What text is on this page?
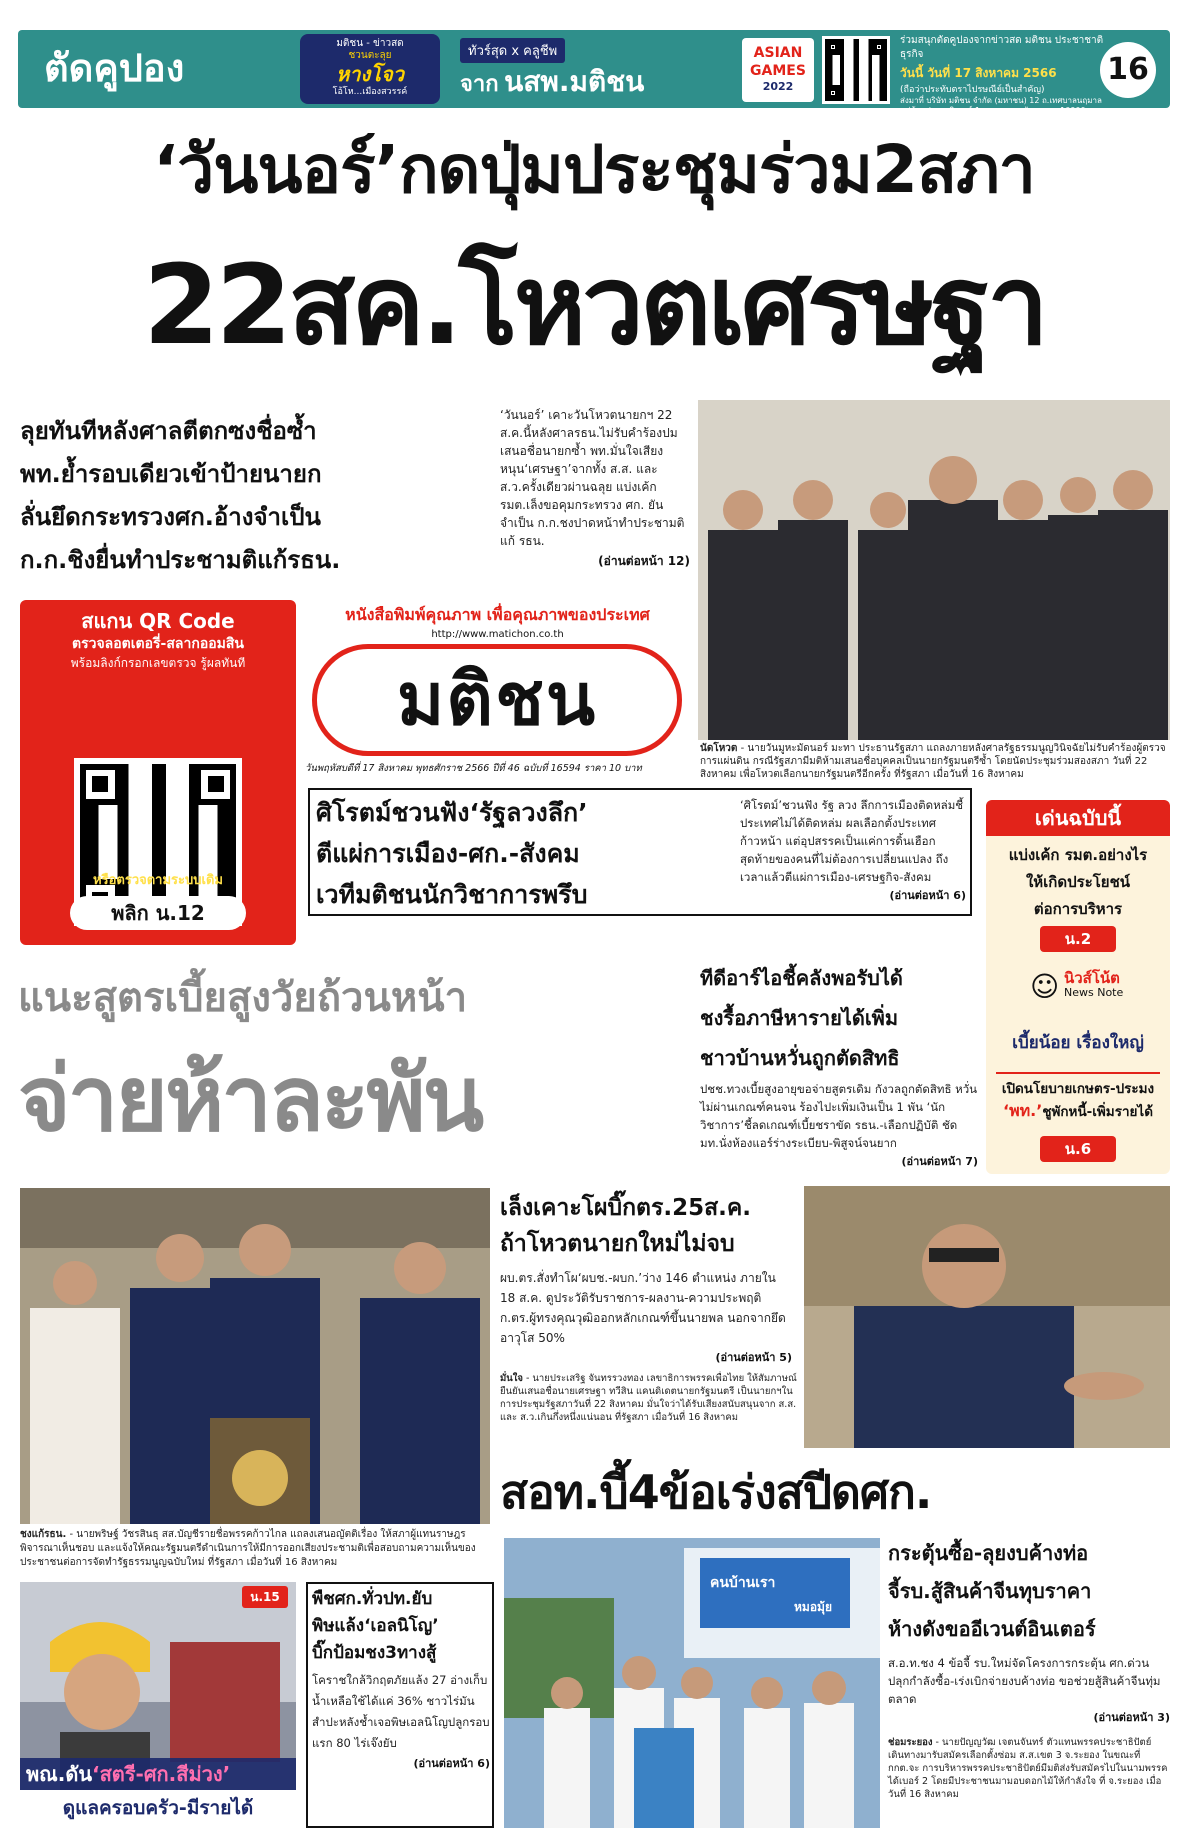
ตัดคูปอง
มติชน - ข่าวสด
ชวนตะลุย
หางโจว
โอ้โห...เมืองสวรรค์
ทัวร์สุด x คลูชีพ
จาก นสพ.มติชน
ASIAN
GAMES
2022
ร่วมสนุกตัดคูปองจากข่าวสด มติชน ประชาชาติธุรกิจ
วันนี้ วันที่ 17 สิงหาคม 2566
(ถือว่าประทับตราไปรษณีย์เป็นสำคัญ)
ส่งมาที่ บริษัท มติชน จำกัด (มหาชน) 12 ถ.เทศบาลนฤมาล หมู่บ้านประชานิเวศน์ 1 ลาดยาว จตุจักร กทม. 10900
16
‘วันนอร์’กดปุ่มประชุมร่วม2สภา
22สค.โหวตเศรษฐา
ลุยทันทีหลังศาลตีตกซงชื่อซ้ำ
พท.ย้ำรอบเดียวเข้าป้ายนายก
ลั่นยึดกระทรวงศก.อ้างจำเป็น
ก.ก.ชิงยื่นทำประชามติแก้รธน.
‘วันนอร์’ เคาะวันโหวตนายกฯ 22 ส.ค.นี้หลังศาลรธน.ไม่รับคำร้องปมเสนอชื่อนายกซ้ำ พท.มั่นใจเสียงหนุน‘เศรษฐา’จากทั้ง ส.ส. และ ส.ว.ครั้งเดียวผ่านฉลุย แบ่งเค้ก รมต.เล็งขอคุมกระทรวง ศก. ยันจำเป็น ก.ก.ชงปาดหน้าทำประชามติแก้ รธน.
(อ่านต่อหน้า 12)
นัดโหวต - นายวันมูหะมัดนอร์ มะทา ประธานรัฐสภา แถลงภายหลังศาลรัฐธรรมนูญวินิจฉัยไม่รับคำร้องผู้ตรวจการแผ่นดิน กรณีรัฐสภามีมติห้ามเสนอชื่อบุคคลเป็นนายกรัฐมนตรีซ้ำ โดยนัดประชุมร่วมสองสภา วันที่ 22 สิงหาคม เพื่อโหวตเลือกนายกรัฐมนตรีอีกครั้ง ที่รัฐสภา เมื่อวันที่ 16 สิงหาคม
สแกน QR Code
ตรวจลอตเตอรี่-สลากออมสิน
พร้อมลิงก์กรอกเลขตรวจ รู้ผลทันที
หรือตรวจตามระบบเดิม
พลิก น.12
หนังสือพิมพ์คุณภาพ เพื่อคุณภาพของประเทศ
http://www.matichon.co.th
มติชน
วันพฤหัสบดีที่ 17 สิงหาคม พุทธศักราช 2566 ปีที่ 46 ฉบับที่ 16594 ราคา 10 บาท
ศิโรตม์ชวนฟัง‘รัฐลวงลึก’
ตีแผ่การเมือง-ศก.-สังคม
เวทีมติชนนักวิชาการพรึบ
‘ศิโรตม์’ชวนฟัง รัฐ ลวง ลึกการเมืองติดหล่มชี้ประเทศไม่ได้ติดหล่ม ผลเลือกตั้งประเทศก้าวหน้า แต่อุปสรรคเป็นแค่การดิ้นเฮือกสุดท้ายของคนที่ไม่ต้องการเปลี่ยนแปลง ถึงเวลาแล้วตีแผ่การเมือง-เศรษฐกิจ-สังคม
(อ่านต่อหน้า 6)
เด่นฉบับนี้
แบ่งเค้ก รมต.อย่างไร
ให้เกิดประโยชน์
ต่อการบริหาร
น.2
☺ นิวส์โน้ต
News Note
เบี้ยน้อย เรื่องใหญ่
เปิดนโยบายเกษตร-ประมง
‘พท.’ชูพักหนี้-เพิ่มรายได้
น.6
แนะสูตรเบี้ยสูงวัยถ้วนหน้า
จ่ายห้าละพัน
ทีดีอาร์ไอชี้คลังพอรับได้
ชงรื้อภาษีหารายได้เพิ่ม
ชาวบ้านหวั่นถูกตัดสิทธิ
ปชช.ทวงเบี้ยสูงอายุขอจ่ายสูตรเดิม กังวลถูกตัดสิทธิ หวั่นไม่ผ่านเกณฑ์คนจน ร้องไปะเพิ่มเงินเป็น 1 พัน ‘นักวิชาการ’ชี้ลดเกณฑ์เบี้ยชราขัด รธน.-เลือกปฏิบัติ ชัด มท.นั่งห้องแอร์ร่างระเบียบ-พิสูจน์จนยาก
(อ่านต่อหน้า 7)
ชงแก้รธน. - นายพริษฐ์ วัชรสินธุ สส.บัญชีรายชื่อพรรคก้าวไกล แถลงเสนอญัตติเรื่อง ให้สภาผู้แทนราษฎรพิจารณาเห็นชอบ และแจ้งให้คณะรัฐมนตรีดำเนินการให้มีการออกเสียงประชามติเพื่อสอบถามความเห็นของประชาชนต่อการจัดทำรัฐธรรมนูญฉบับใหม่ ที่รัฐสภา เมื่อวันที่ 16 สิงหาคม
เล็งเคาะโผบิ๊กตร.25ส.ค.
ถ้าโหวตนายกใหม่ไม่จบ
ผบ.ตร.สั่งทำโผ‘ผบช.-ผบก.’ว่าง 146 ตำแหน่ง ภายใน 18 ส.ค. ดูประวัติรับราชการ-ผลงาน-ความประพฤติ ก.ตร.ผู้ทรงคุณวุฒิออกหลักเกณฑ์ขึ้นนายพล นอกจากยึดอาวุโส 50%
(อ่านต่อหน้า 5)
มั่นใจ - นายประเสริฐ จันทรรวงทอง เลขาธิการพรรคเพื่อไทย ให้สัมภาษณ์ยืนยันเสนอชื่อนายเศรษฐา ทวีสิน แคนดิเดตนายกรัฐมนตรี เป็นนายกฯในการประชุมรัฐสภาวันที่ 22 สิงหาคม มั่นใจว่าได้รับเสียงสนับสนุนจาก ส.ส. และ ส.ว.เกินกึ่งหนึ่งแน่นอน ที่รัฐสภา เมื่อวันที่ 16 สิงหาคม
สอท.บี้4ข้อเร่งสปีดศก.
กระตุ้นซื้อ-ลุยงบค้างท่อ
จี้รบ.สู้สินค้าจีนทุบราคา
ห้างดังขออีเวนต์อินเตอร์
ส.อ.ท.ชง 4 ข้อจี้ รบ.ใหม่จัดโครงการกระตุ้น ศก.ด่วน ปลุกกำลังซื้อ-เร่งเบิกจ่ายงบค้างท่อ ขอช่วยสู้สินค้าจีนทุ่มตลาด
(อ่านต่อหน้า 3)
ช่อมระยอง - นายปัญญวัฒ เจตนจันทร์ ตัวแทนพรรคประชาธิปัตย์ เดินทางมารับสมัครเลือกตั้งซ่อม ส.ส.เขต 3 จ.ระยอง ในขณะที่ กกต.จะ การบริหารพรรคประชาธิปัตย์มีมติส่งรับสมัครไปในนามพรรค ได้เบอร์ 2 โดยมีประชาชนมามอบดอกไม้ให้กำลังใจ ที่ จ.ระยอง เมื่อวันที่ 16 สิงหาคม
คนบ้านเรา
หมอมุ้ย
น.15
พณ.ดัน‘สตรี-ศก.สีม่วง’
ดูแลครอบครัว-มีรายได้
พืชศก.ทั่วปท.ยับ
พิษแล้ง‘เอลนิโญ’
บิ๊กป้อมชง3ทางสู้
โคราชใกล้วิกฤตภัยแล้ง 27 อ่างเก็บน้ำเหลือใช้ได้แค่ 36% ชาวไร่มันสำปะหลังช้ำเจอพิษเอลนิโญปลูกรอบแรก 80 ไร่เจ๊งยับ
(อ่านต่อหน้า 6)
